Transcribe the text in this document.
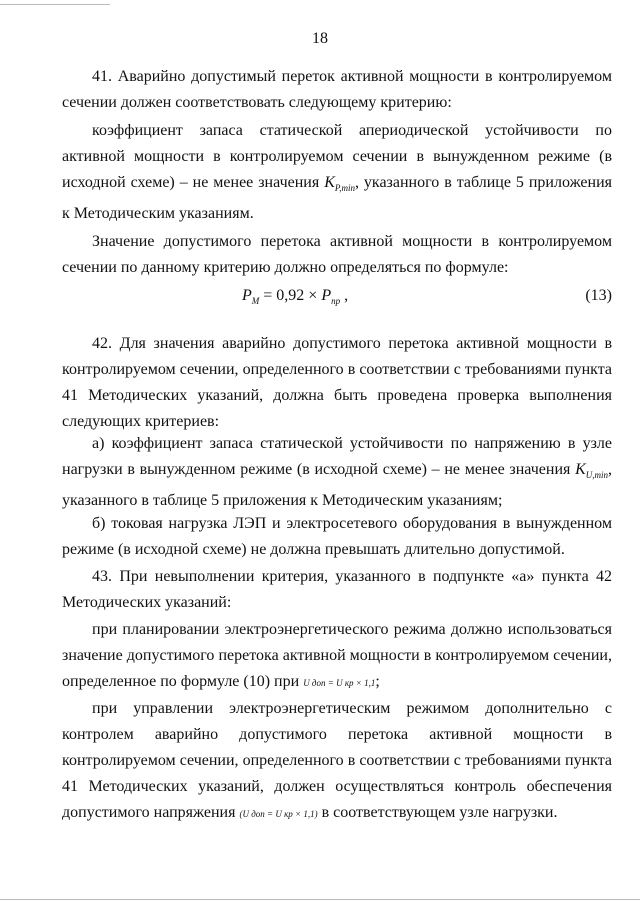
18

41. Аварийно допустимый переток активной мощности в контролируемом сечении должен соответствовать следующему критерию:

коэффициент запаса статической апериодической устойчивости по активной мощности в контролируемом сечении в вынужденном режиме (в исходной схеме) – не менее значения $K_{P,min}$, указанного в таблице 5 приложения к Методическим указаниям.

Значение допустимого перетока активной мощности в контролируемом сечении по данному критерию должно определяться по формуле:

$P_M = 0,92 \times P_{пр}$ ,	(13)

42. Для значения аварийно допустимого перетока активной мощности в контролируемом сечении, определенного в соответствии с требованиями пункта 41 Методических указаний, должна быть проведена проверка выполнения следующих критериев:

а) коэффициент запаса статической устойчивости по напряжению в узле нагрузки в вынужденном режиме (в исходной схеме) – не менее значения $K_{U,min}$, указанного в таблице 5 приложения к Методическим указаниям;

б) токовая нагрузка ЛЭП и электросетевого оборудования в вынужденном режиме (в исходной схеме) не должна превышать длительно допустимой.

43. При невыполнении критерия, указанного в подпункте «а» пункта 42 Методических указаний:

при планировании электроэнергетического режима должно использоваться значение допустимого перетока активной мощности в контролируемом сечении, определенное по формуле (10) при U доп = U кр × 1,1;

при управлении электроэнергетическим режимом дополнительно с контролем аварийно допустимого перетока активной мощности в контролируемом сечении, определенного в соответствии с требованиями пункта 41 Методических указаний, должен осуществляться контроль обеспечения допустимого напряжения (U доп = U кр × 1,1) в соответствующем узле нагрузки.
